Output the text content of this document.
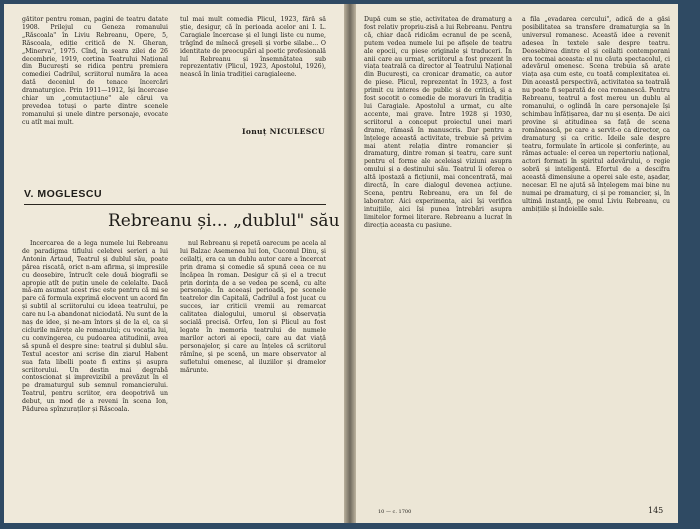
gătitor pentru roman, pagini de teatru datate 1908. Prilejul cu Geneza romanului „Răscoala" în Liviu Rebreanu, Opere, 5, Răscoala, ediție critică de N. Gheran, „Minerva", 1975. Cînd, în seara zilei de 26 decembrie, 1919, cortina Teatrului Național din București se ridica pentru premiera comediei Cadrilul, scriitorul număra la acea dată deceniul de tenace încercări dramaturgice. Prin 1911—1912, își încercase chiar un „comutacțiune" ale cărui va prevedea totuși o parte dintre scenele romanului și unele dintre personaje, evocate cu atît mai mult.

tul mai mult comedia Plicul, 1923, fără să știe, desigur, că în perioada acelor ani I. L. Caragiale încercase și el lungi liste cu nume, trăgînd de mînecă greșeli și vorbe silabe... O identitate de preocupări al poetic profesională luî Rebreanu și însemnătatea sub reprezentativ (Plicul, 1923, Apostolul, 1926), nească în linia tradiției caragialeene.

Ionuț NICULESCU
V. MOGLESCU
Rebreanu și... „dublul" său

Încercarea de a lega numele lui Rebreanu de paradigma tiflului celebrei serieri a lui Antonin Artaud, Teatrul și dublul său, poate părea riscată, orict n-am afirma, și impresiile cu deosebire, întrucît cele două biografii se apropie atît de puțin unele de celelalte. Dacă mă-am asumat acest risc este pentru că mi se pare că formula exprimă elocvent un acord fin și subtil al scriitorului cu ideea teatrului, pe care nu l-a abandonat niciodată. Nu sunt de la naș de idee, și ne-am întors și de la el, ca și ciclurile mărețe ale romanului; cu vocația lui, cu convingerea, cu pudoarea atitudinii, avea să spună el despre sine: teatrul și dublul său. Textul acestor ani scrise din ziarul Habent sua fata libelli poate fi extins și asupra scriitorului. Un destin mai degrabă contoscionat și imprevizibil a prevăzut în el pe dramaturgul sub semnul romancierului. Teatrul, pentru scriitor, era deopotrivă un debut, un mod de a reveni în scena Ion, Pădurea spînzuraților și Răscoala.

nul Rebreanu și repetă oarecum pe acela al lui Balzac Asemenea lui Ion, Cuconul Dinu, și ceilalți, era ca un dublu autor care a încercat prin drama și comedie să spună ceea ce nu încăpea în roman. Desigur că și el a trecut prin dorința de a se vedea pe scenă, cu alte personaje. În aceeași perioadă, pe scenele teatrelor din Capitală, Cadrilul a fost jucat cu succes, iar criticii vremii au remarcat calitatea dialogului, umorul și observația socială precisă. Orfeu, Ion și Plicul au fost legate în memoria teatrului de numele marilor actori ai epocii, care au dat viață personajelor, și care au înțeles că scriitorul rămîne, și pe scenă, un mare observator al sufletului omenesc, al iluziilor și dramelor mărunte.

După cum se știe, activitatea de dramaturg a fost relativ propriu-zisă a lui Rebreanu. Pentru că, chiar dacă ridicăm ecranul de pe scenă, putem vedea numele lui pe afișele de teatru ale epocii, cu piese originale și traduceri. În anii care au urmat, scriitorul a fost prezent în viața teatrală ca director al Teatrului Național din București, ca cronicar dramatic, ca autor de piese. Plicul, reprezentat în 1923, a fost primit cu interes de public și de critică, și a fost socotit o comedie de moravuri în tradiția lui Caragiale. Apostolul a urmat, cu alte accente, mai grave. Între 1928 și 1930, scriitorul a conceput proiectul unei mari drame, rămasă în manuscris. Dar pentru a înțelege această activitate, trebuie să privim mai atent relația dintre romancier și dramaturg, dintre roman și teatru, care sunt pentru el forme ale aceleiași viziuni asupra omului și a destinului său. Teatrul îi oferea o altă ipostază a ficțiunii, mai concentrată, mai directă, în care dialogul devenea acțiune. Scena, pentru Rebreanu, era un fel de laborator. Aici experimenta, aici își verifica intuițiile, aici își punea întrebări asupra limitelor formei literare. Rebreanu a lucrat în direcția aceasta cu pasiune.

a fila „evadarea cercului", adică de a găsi posibilitatea sa transfere dramaturgia sa în universul romanesc. Această idee a revenit adesea în textele sale despre teatru. Deosebirea dintre el și ceilalți contemporani era tocmai aceasta: el nu căuta spectacolul, ci adevărul omenesc. Scena trebuia să arate viața așa cum este, cu toată complexitatea ei. Din această perspectivă, activitatea sa teatrală nu poate fi separată de cea romanescă. Pentru Rebreanu, teatrul a fost mereu un dublu al romanului, o oglindă în care personajele își schimbau înfățișarea, dar nu și esența. De aici provine și atitudinea sa față de scena românească, pe care a servit-o ca director, ca dramaturg și ca critic. Ideile sale despre teatru, formulate în articole și conferințe, au rămas actuale: el cerea un repertoriu național, actori formați în spiritul adevărului, o regie sobră și inteligentă. Efortul de a descifra această dimensiune a operei sale este, așadar, necesar. El ne ajută să înțelegem mai bine nu numai pe dramaturg, ci și pe romancier, și, în ultimă instanță, pe omul Liviu Rebreanu, cu ambițiile și îndoielile sale.

10 — c. 1700	145
